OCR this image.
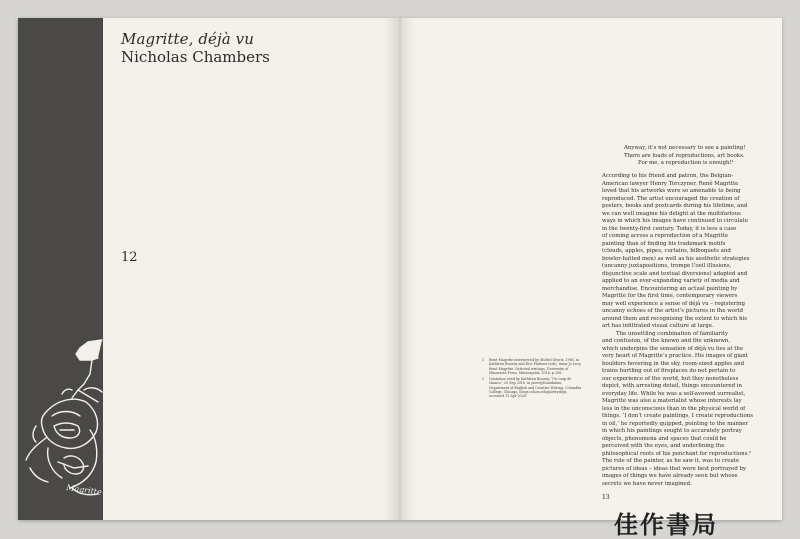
Magritte
Magritte, déjà vu
Nicholas Chambers
12
1	René Magritte interviewed by Michel Georis, 1965, in Kathleen Rooney and Eric Plattner (eds), trans Jo Levy, René Magritte: Selected writings, University of Minnesota Press, Minneapolis, 2016, p 206.
2	Quotation cited by Kathleen Rooney, ‘Un coup de chance’, 20 Sep 2018, in poetry/foundation, Department of English and Creative Writing, Columbia College, Chicago, blogs.colum.edu/poetrydept, accessed 13 Apr 2024.
Anyway, it’s not necessary to see a painting!
There are loads of reproductions, art books.
For me, a reproduction is enough!¹

According to his friend and patron, the Belgian-
American lawyer Henry Torczyner, René Magritte
loved that his artworks were so amenable to being
reproduced. The artist encouraged the creation of
posters, books and postcards during his lifetime, and
we can well imagine his delight at the multifarious
ways in which his images have continued to circulate
in the twenty-first century. Today, it is less a case
of coming across a reproduction of a Magritte
painting than of finding his trademark motifs
(clouds, apples, pipes, curtains, bilboquets and
bowler-hatted men) as well as his aesthetic strategies
(uncanny juxtapositions, trompe l’oeil illusions,
disjunctive scale and textual diversions) adapted and
applied to an ever-expanding variety of media and
merchandise. Encountering an actual painting by
Magritte for the first time, contemporary viewers
may well experience a sense of déjà vu – registering
uncanny echoes of the artist’s pictures in the world
around them and recognising the extent to which his
art has infiltrated visual culture at large.

The unsettling combination of familiarity
and confusion, of the known and the unknown,
which underpins the sensation of déjà vu lies at the
very heart of Magritte’s practice. His images of giant
boulders hovering in the sky, room-sized apples and
trains hurtling out of fireplaces do not pertain to
our experience of the world, but they nonetheless
depict, with arresting detail, things encountered in
everyday life. While he was a self-avowed surrealist,
Magritte was also a materialist whose interests lay
less in the unconscious than in the physical world of
things. ‘I don’t create paintings, I create reproductions
in oil,’ he reportedly quipped, pointing to the manner
in which his paintings sought to accurately portray
objects, phenomena and spaces that could be
perceived with the eyes, and underlining the
philosophical roots of his penchant for reproductions.²
The role of the painter, as he saw it, was to create
pictures of ideas – ideas that were best portrayed by
images of things we have already seen but whose
secrets we have never imagined.

13
佳作書局
